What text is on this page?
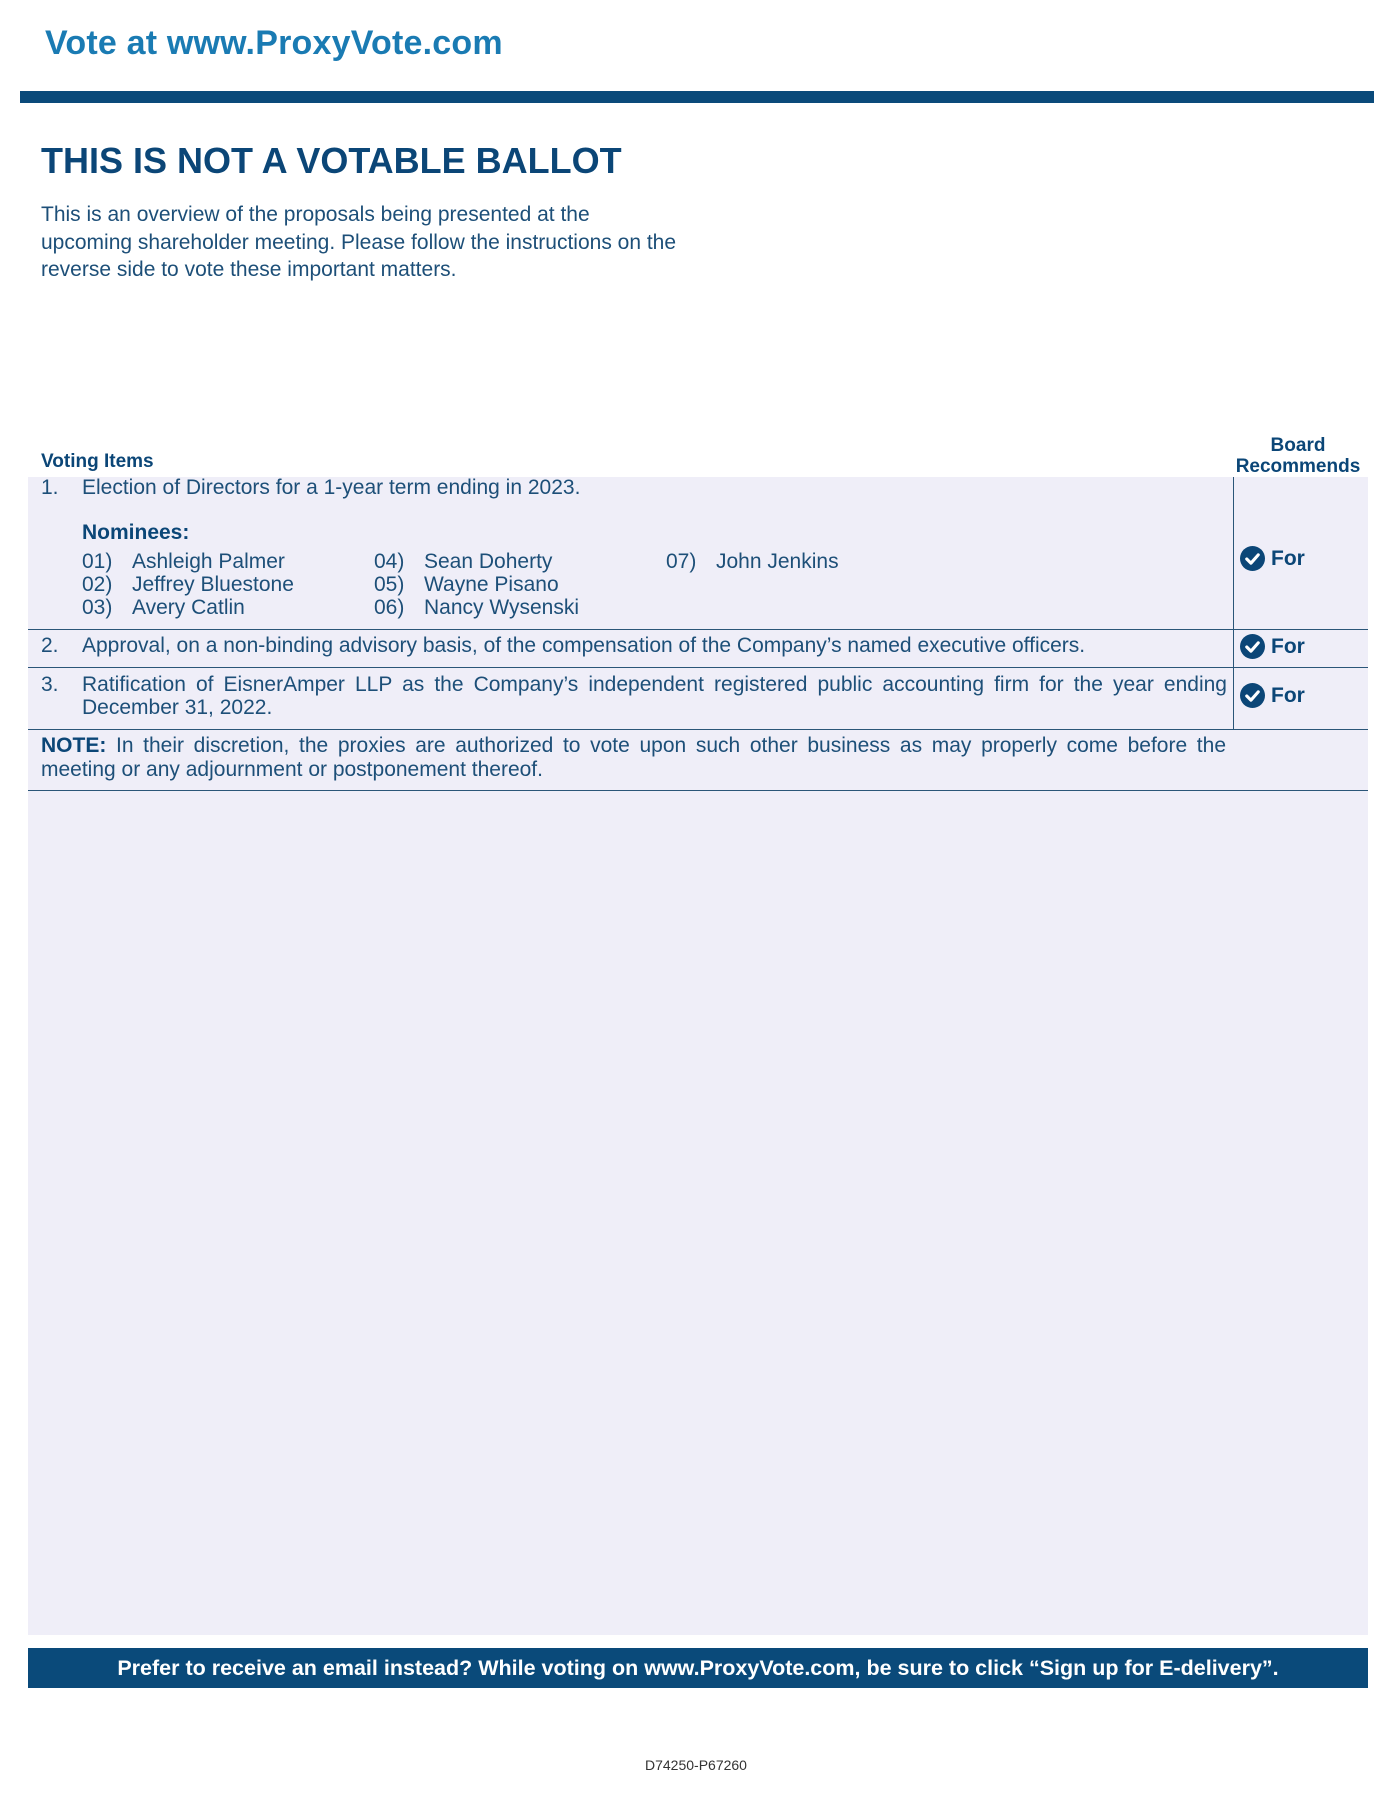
Vote at www.ProxyVote.com
THIS IS NOT A VOTABLE BALLOT
This is an overview of the proposals being presented at the upcoming shareholder meeting. Please follow the instructions on the reverse side to vote these important matters.
Voting Items
Board
Recommends
1. Election of Directors for a 1-year term ending in 2023.
Nominees:
01) Ashleigh Palmer
02) Jeffrey Bluestone
03) Avery Catlin
04) Sean Doherty
05) Wayne Pisano
06) Nancy Wysenski
07) John Jenkins	For
2. Approval, on a non-binding advisory basis, of the compensation of the Company’s named executive officers.	For
3. Ratification of EisnerAmper LLP as the Company’s independent registered public accounting firm for the year ending December 31, 2022.
For
NOTE: In their discretion, the proxies are authorized to vote upon such other business as may properly come before the meeting or any adjournment or postponement thereof.
Prefer to receive an email instead? While voting on www.ProxyVote.com, be sure to click “Sign up for E-delivery”.
D74250-P67260
